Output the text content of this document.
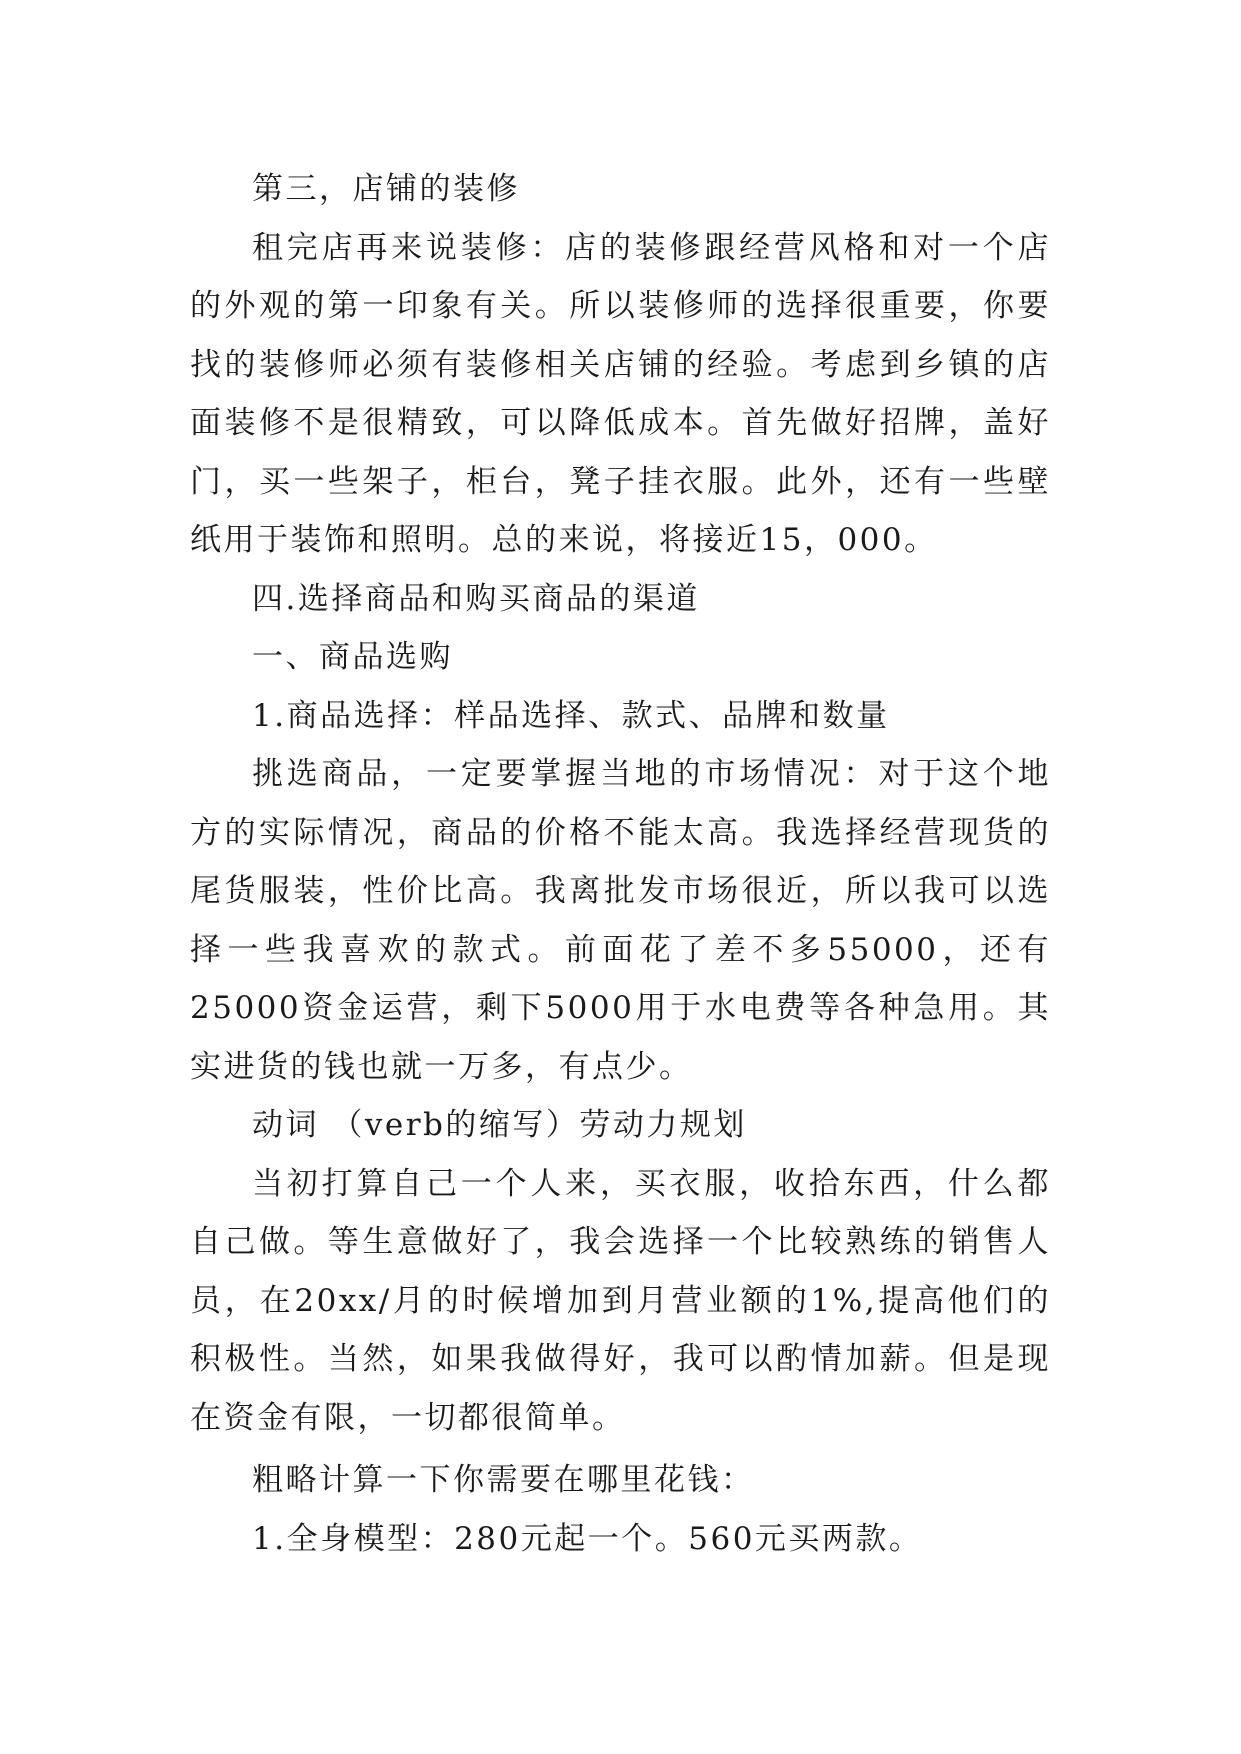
第三，店铺的装修

租完店再来说装修：店的装修跟经营风格和对一个店的外观的第一印象有关。所以装修师的选择很重要，你要找的装修师必须有装修相关店铺的经验。考虑到乡镇的店面装修不是很精致，可以降低成本。首先做好招牌，盖好门，买一些架子，柜台，凳子挂衣服。此外，还有一些壁纸用于装饰和照明。总的来说，将接近15，000。

四.选择商品和购买商品的渠道

一、商品选购

1.商品选择：样品选择、款式、品牌和数量

挑选商品，一定要掌握当地的市场情况：对于这个地方的实际情况，商品的价格不能太高。我选择经营现货的尾货服装，性价比高。我离批发市场很近，所以我可以选择一些我喜欢的款式。前面花了差不多55000，还有25000资金运营，剩下5000用于水电费等各种急用。其实进货的钱也就一万多，有点少。

动词 （verb的缩写）劳动力规划

当初打算自己一个人来，买衣服，收拾东西，什么都自己做。等生意做好了，我会选择一个比较熟练的销售人员，在20xx/月的时候增加到月营业额的1%,提高他们的积极性。当然，如果我做得好，我可以酌情加薪。但是现在资金有限，一切都很简单。

粗略计算一下你需要在哪里花钱：

1.全身模型：280元起一个。560元买两款。
